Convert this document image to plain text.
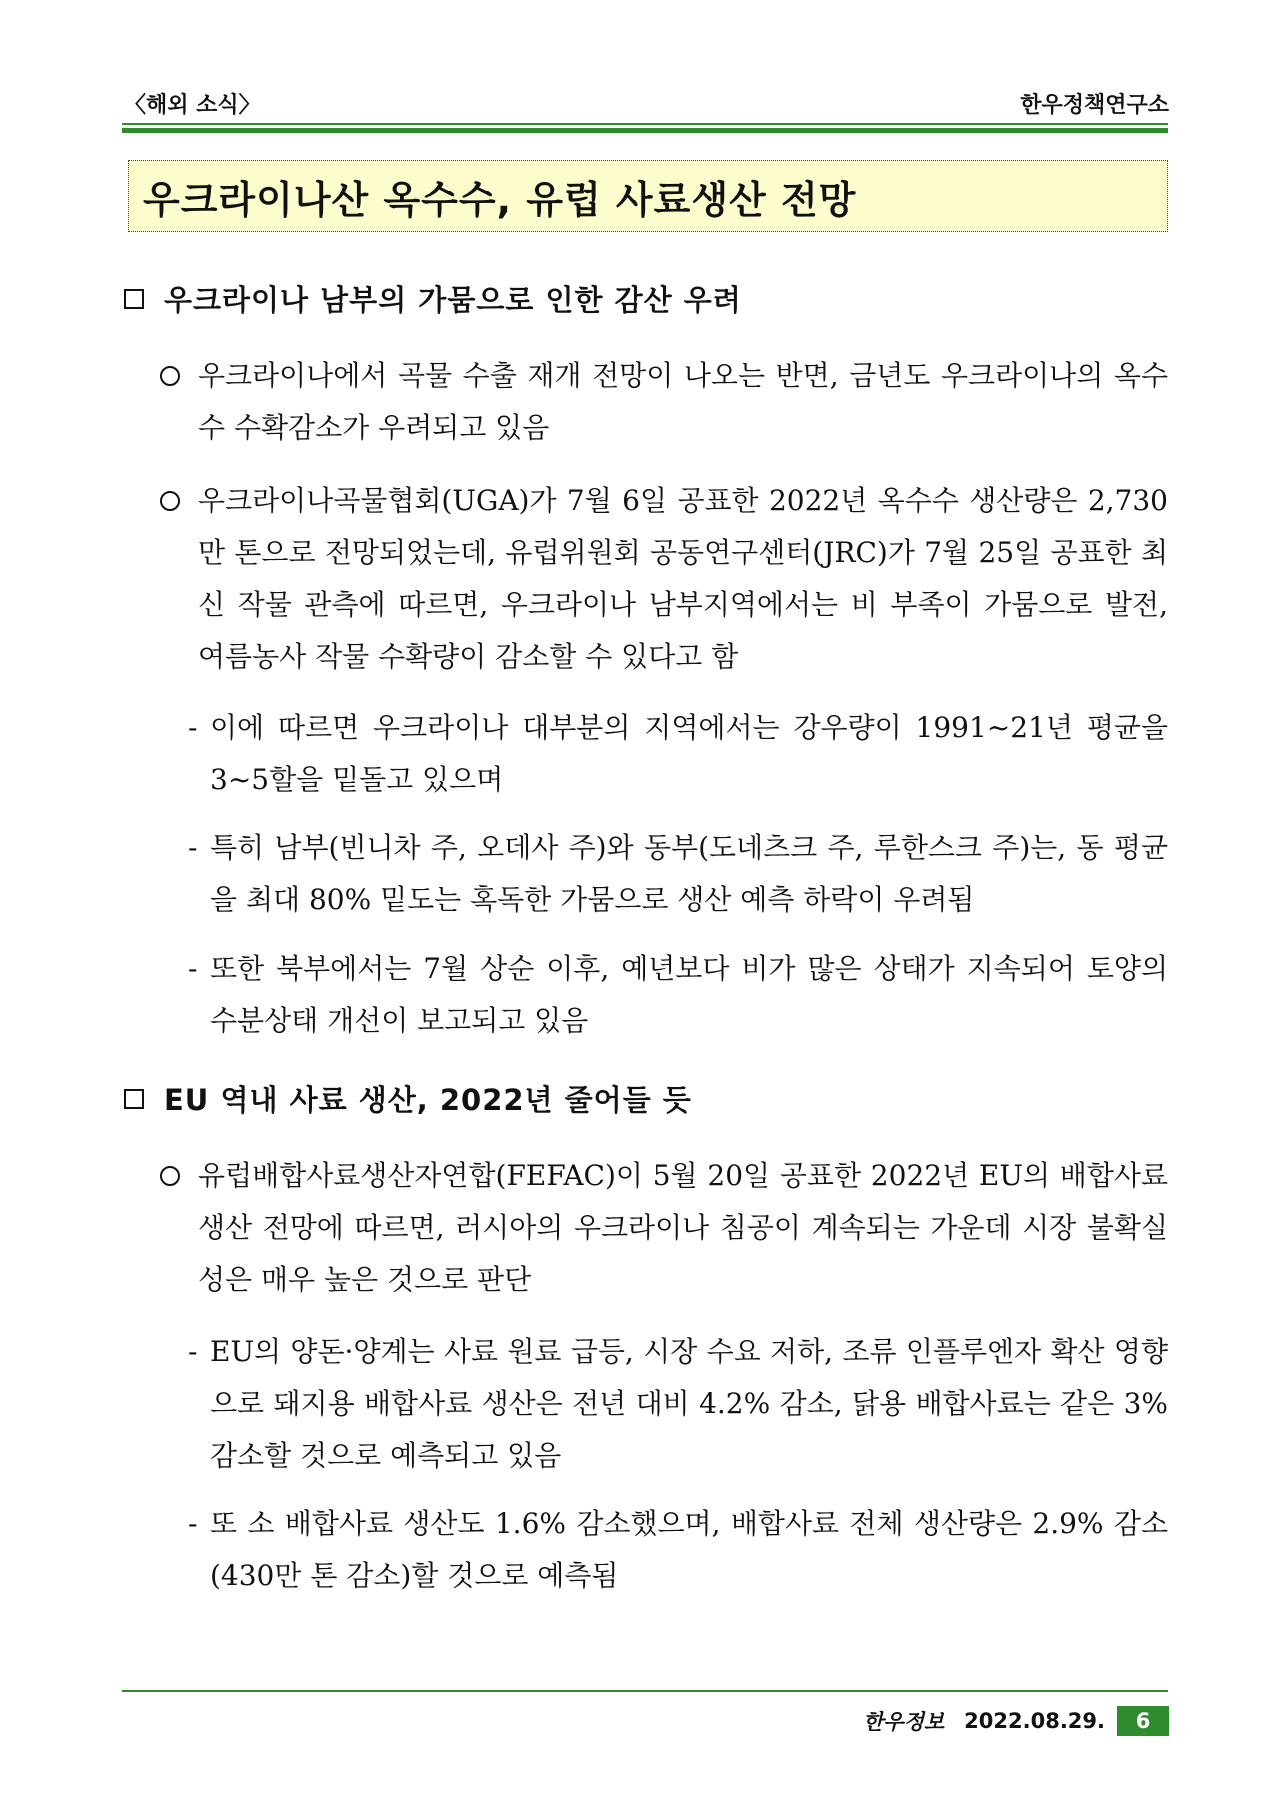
〈해외 소식〉	한우정책연구소
우크라이나산 옥수수, 유럽 사료생산 전망
우크라이나 남부의 가뭄으로 인한 감산 우려
우크라이나에서 곡물 수출 재개 전망이 나오는 반면, 금년도 우크라이나의 옥수수 수확감소가 우려되고 있음
우크라이나곡물협회(UGA)가 7월 6일 공표한 2022년 옥수수 생산량은 2,730만 톤으로 전망되었는데, 유럽위원회 공동연구센터(JRC)가 7월 25일 공표한 최신 작물 관측에 따르면, 우크라이나 남부지역에서는 비 부족이 가뭄으로 발전, 여름농사 작물 수확량이 감소할 수 있다고 함
- 이에 따르면 우크라이나 대부분의 지역에서는 강우량이 1991~21년 평균을 3~5할을 밑돌고 있으며
- 특히 남부(빈니차 주, 오데사 주)와 동부(도네츠크 주, 루한스크 주)는, 동 평균을 최대 80% 밑도는 혹독한 가뭄으로 생산 예측 하락이 우려됨
- 또한 북부에서는 7월 상순 이후, 예년보다 비가 많은 상태가 지속되어 토양의 수분상태 개선이 보고되고 있음
EU 역내 사료 생산, 2022년 줄어들 듯
유럽배합사료생산자연합(FEFAC)이 5월 20일 공표한 2022년 EU의 배합사료 생산 전망에 따르면, 러시아의 우크라이나 침공이 계속되는 가운데 시장 불확실성은 매우 높은 것으로 판단
- EU의 양돈·양계는 사료 원료 급등, 시장 수요 저하, 조류 인플루엔자 확산 영향으로 돼지용 배합사료 생산은 전년 대비 4.2% 감소, 닭용 배합사료는 같은 3% 감소할 것으로 예측되고 있음
- 또 소 배합사료 생산도 1.6% 감소했으며, 배합사료 전체 생산량은 2.9% 감소(430만 톤 감소)할 것으로 예측됨
한우정보 2022.08.29.	6
